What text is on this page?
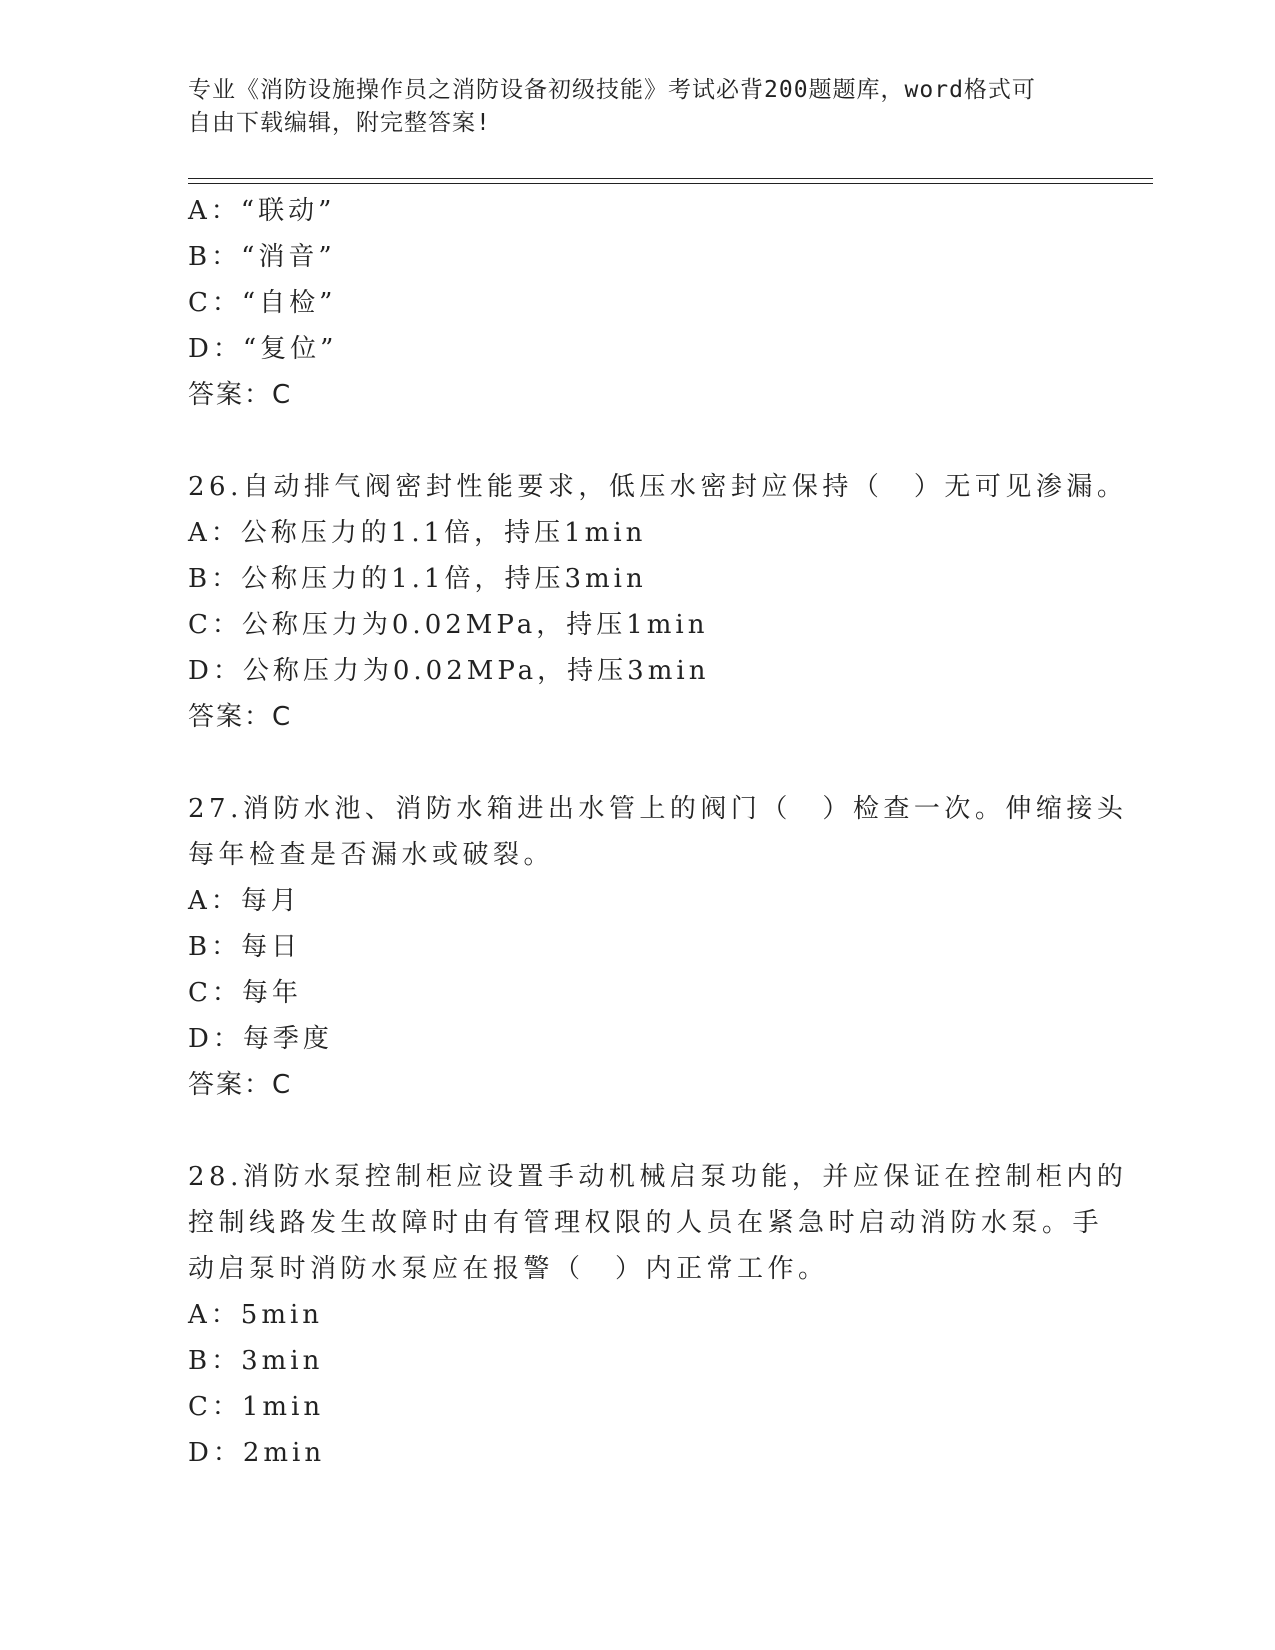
专业《消防设施操作员之消防设备初级技能》考试必背200题题库，word格式可
自由下载编辑，附完整答案!
A：“联动”
B：“消音”
C：“自检”
D：“复位”
答案：C
26.自动排气阀密封性能要求，低压水密封应保持（　）无可见渗漏。
A：公称压力的1.1倍，持压1min
B：公称压力的1.1倍，持压3min
C：公称压力为0.02MPa，持压1min
D：公称压力为0.02MPa，持压3min
答案：C
27.消防水池、消防水箱进出水管上的阀门（　）检查一次。伸缩接头
每年检查是否漏水或破裂。
A：每月
B：每日
C：每年
D：每季度
答案：C
28.消防水泵控制柜应设置手动机械启泵功能，并应保证在控制柜内的
控制线路发生故障时由有管理权限的人员在紧急时启动消防水泵。手
动启泵时消防水泵应在报警（　）内正常工作。
A：5min
B：3min
C：1min
D：2min
